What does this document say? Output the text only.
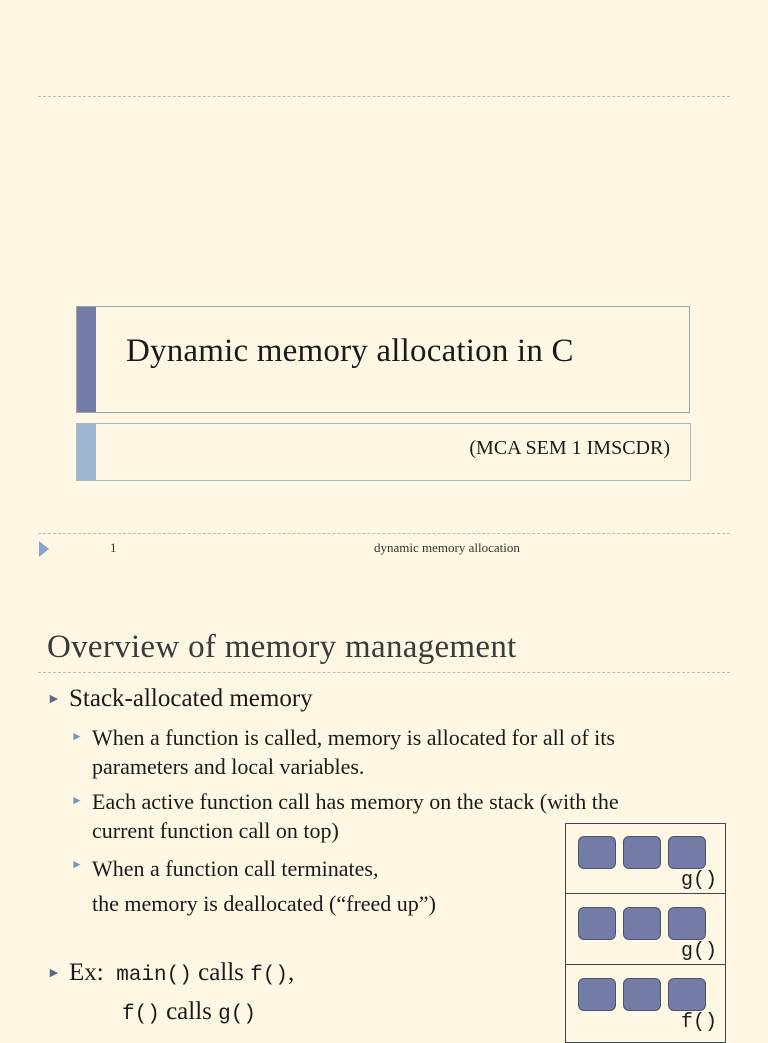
Dynamic memory allocation in C
(MCA SEM 1 IMSCDR)
1	dynamic memory allocation
Overview of memory management
► Stack-allocated memory
► When a function is called, memory is allocated for all of its
parameters and local variables.
► Each active function call has memory on the stack (with the
current function call on top)
► When a function call terminates,
the memory is deallocated (“freed up”)
► Ex: main() calls f(),
f() calls g()
g()
g()
f()
